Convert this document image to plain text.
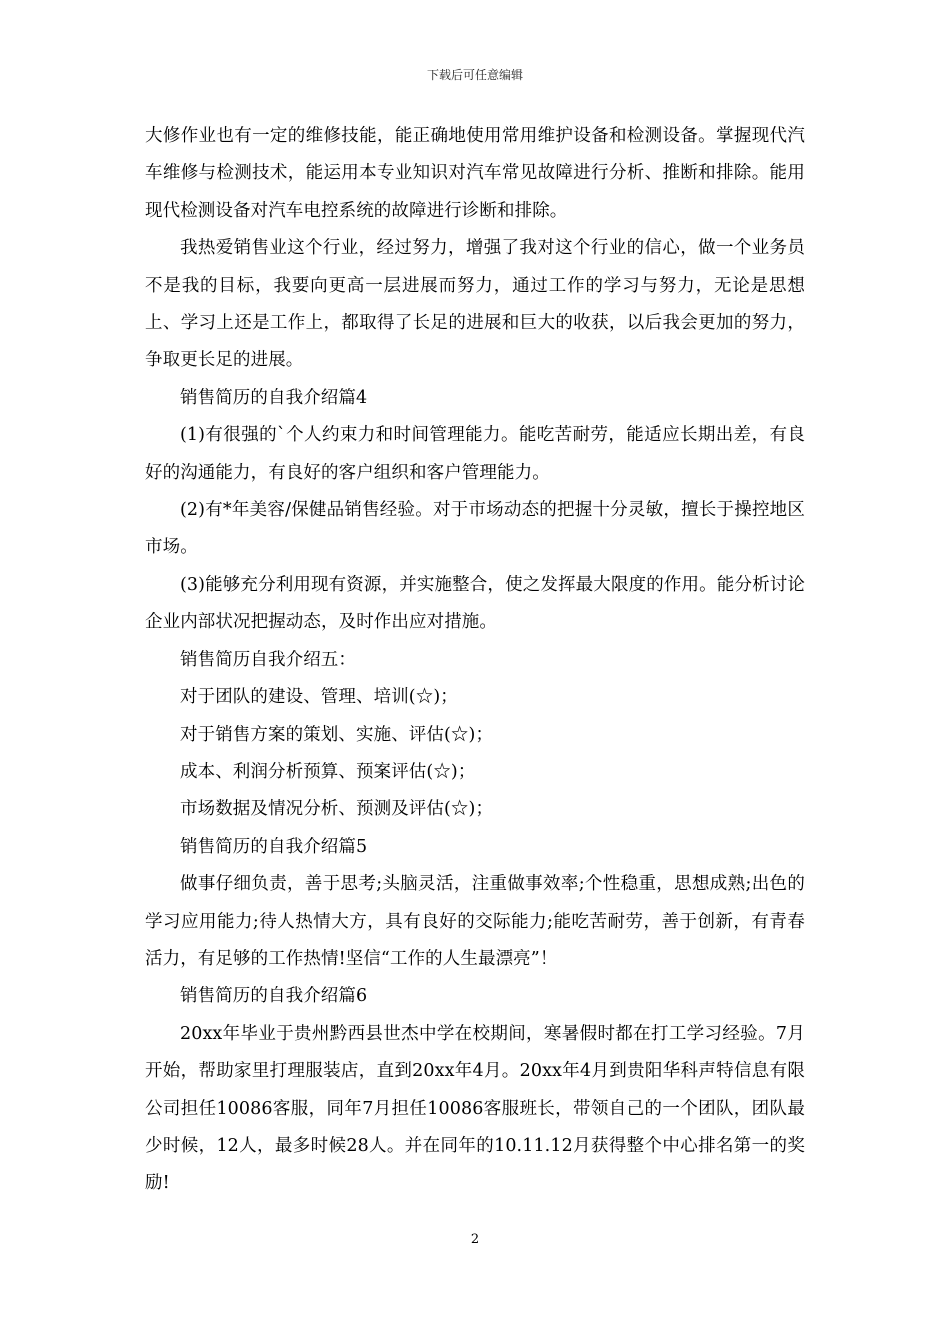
下载后可任意编辑

大修作业也有一定的维修技能，能正确地使用常用维护设备和检测设备。掌握现代汽车维修与检测技术，能运用本专业知识对汽车常见故障进行分析、推断和排除。能用现代检测设备对汽车电控系统的故障进行诊断和排除。

我热爱销售业这个行业，经过努力，增强了我对这个行业的信心，做一个业务员不是我的目标，我要向更高一层进展而努力，通过工作的学习与努力，无论是思想上、学习上还是工作上，都取得了长足的进展和巨大的收获，以后我会更加的努力，争取更长足的进展。

销售简历的自我介绍篇4

(1)有很强的`个人约束力和时间管理能力。能吃苦耐劳，能适应长期出差，有良好的沟通能力，有良好的客户组织和客户管理能力。

(2)有*年美容/保健品销售经验。对于市场动态的把握十分灵敏，擅长于操控地区市场。

(3)能够充分利用现有资源，并实施整合，使之发挥最大限度的作用。能分析讨论企业内部状况把握动态，及时作出应对措施。

销售简历自我介绍五：

对于团队的建设、管理、培训(☆)；

对于销售方案的策划、实施、评估(☆)；

成本、利润分析预算、预案评估(☆)；

市场数据及情况分析、预测及评估(☆)；

销售简历的自我介绍篇5

做事仔细负责，善于思考;头脑灵活，注重做事效率;个性稳重，思想成熟;出色的学习应用能力;待人热情大方，具有良好的交际能力;能吃苦耐劳，善于创新，有青春活力，有足够的工作热情!坚信“工作的人生最漂亮”！

销售简历的自我介绍篇6

20xx年毕业于贵州黔西县世杰中学在校期间，寒暑假时都在打工学习经验。7月开始，帮助家里打理服装店，直到20xx年4月。20xx年4月到贵阳华科声特信息有限公司担任10086客服，同年7月担任10086客服班长，带领自己的一个团队，团队最少时候，12人，最多时候28人。并在同年的10.11.12月获得整个中心排名第一的奖励!

2
